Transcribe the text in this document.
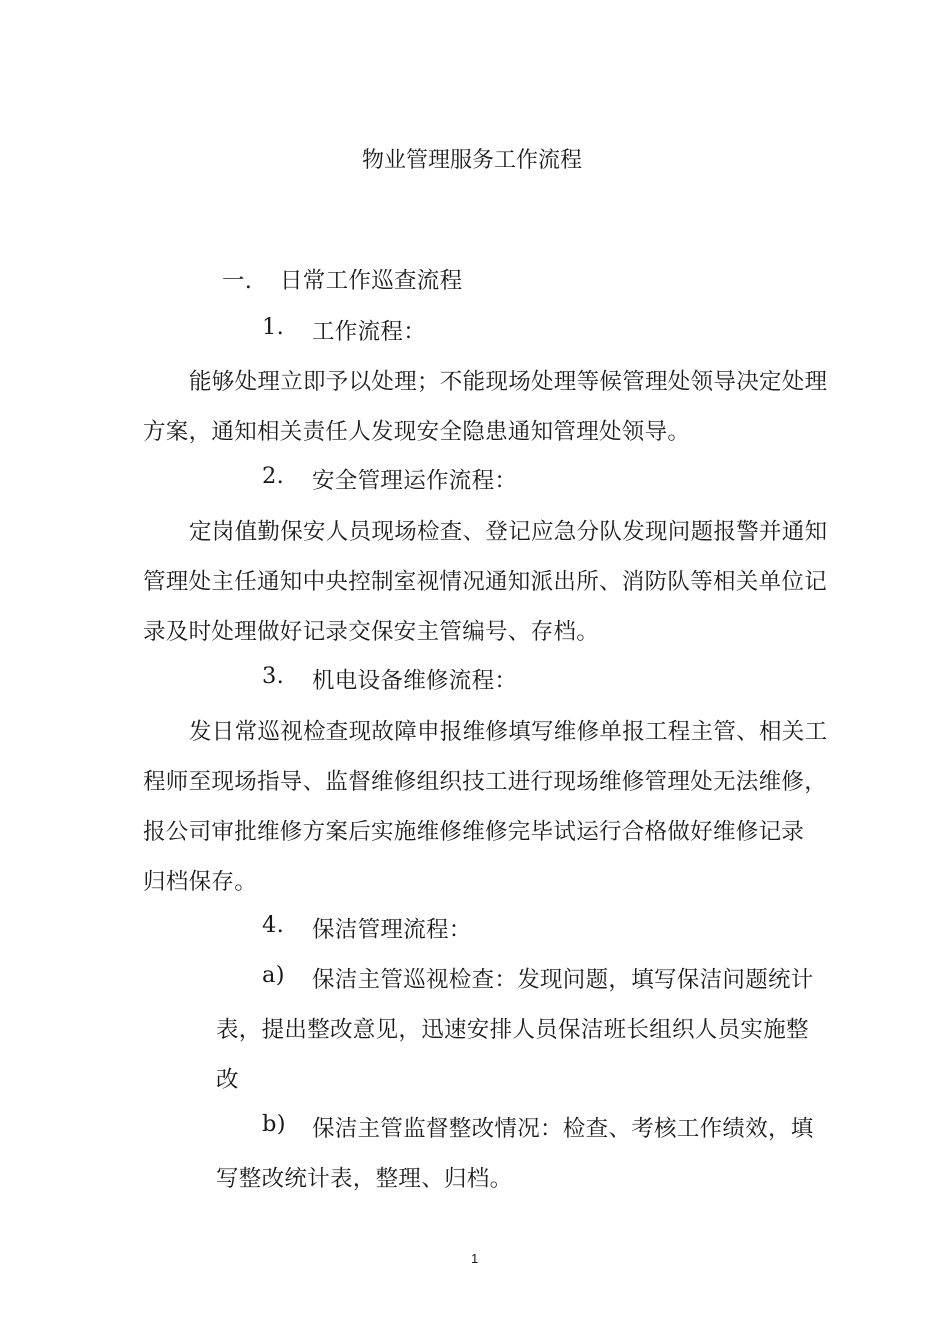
物业管理服务工作流程
一. 日常工作巡查流程
1. 工作流程：
能够处理立即予以处理；不能现场处理等候管理处领导决定处理
方案，通知相关责任人发现安全隐患通知管理处领导。
2. 安全管理运作流程：
定岗值勤保安人员现场检查、登记应急分队发现问题报警并通知
管理处主任通知中央控制室视情况通知派出所、消防队等相关单位记
录及时处理做好记录交保安主管编号、存档。
3. 机电设备维修流程：
发日常巡视检查现故障申报维修填写维修单报工程主管、相关工
程师至现场指导、监督维修组织技工进行现场维修管理处无法维修，
报公司审批维修方案后实施维修维修完毕试运行合格做好维修记录
归档保存。
4. 保洁管理流程：
a) 保洁主管巡视检查：发现问题，填写保洁问题统计
表，提出整改意见，迅速安排人员保洁班长组织人员实施整
改
b) 保洁主管监督整改情况：检查、考核工作绩效，填
写整改统计表，整理、归档。
1
